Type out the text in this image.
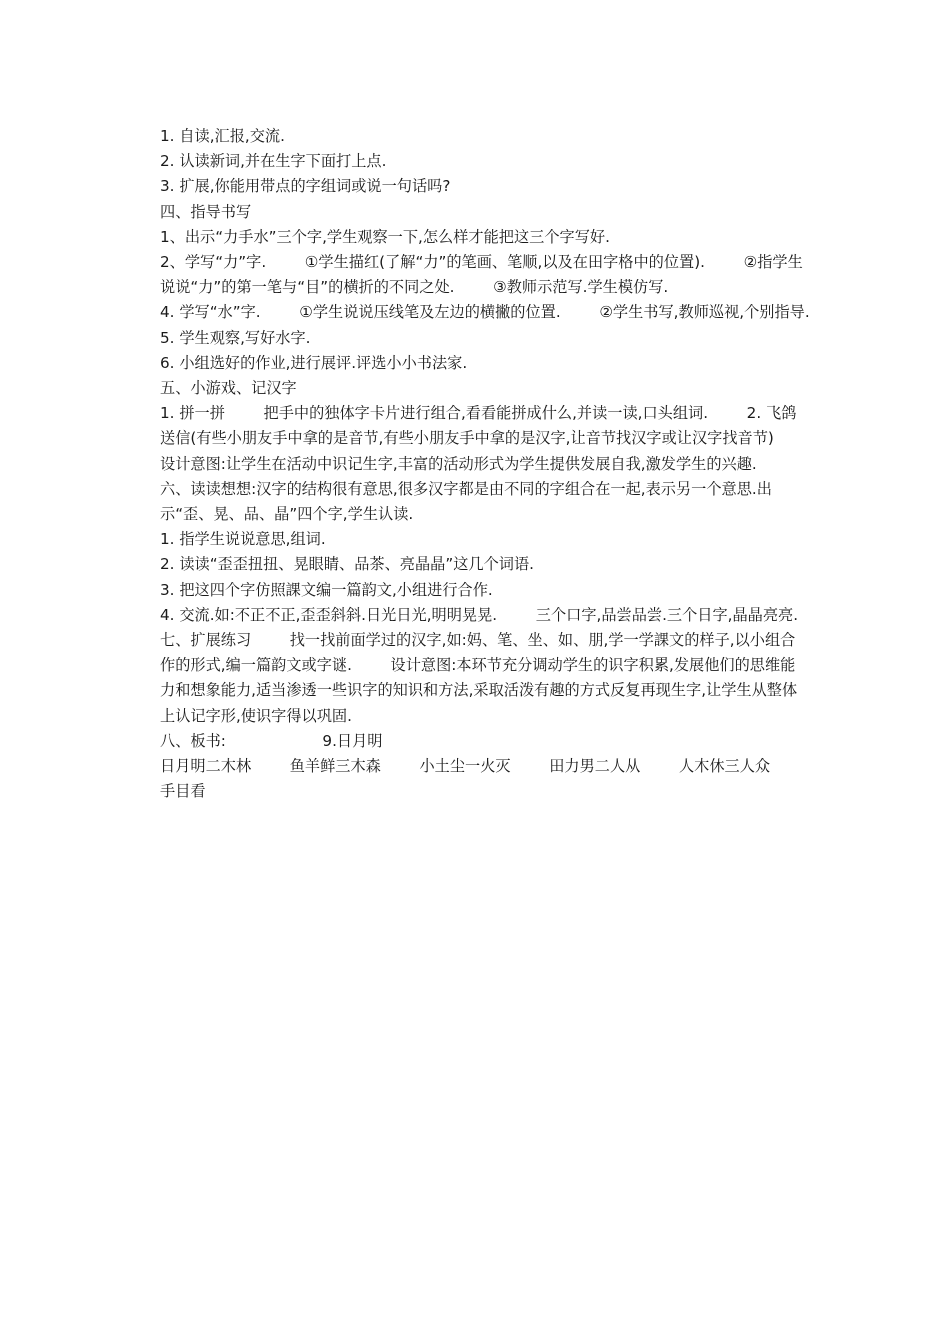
1. 自读,汇报,交流.

2. 认读新词,并在生字下面打上点.

3. 扩展,你能用带点的字组词或说一句话吗?

四、指导书写

1、出示“力手水”三个字,学生观察一下,怎么样才能把这三个字写好.

2、学写“力”字.        ①学生描红(了解“力”的笔画、笔顺,以及在田字格中的位置).        ②指学生说说“力”的第一笔与“目”的横折的不同之处.        ③教师示范写.学生模仿写.

4. 学写“水”字.        ①学生说说压线笔及左边的横撇的位置.        ②学生书写,教师巡视,个别指导.

5. 学生观察,写好水字.

6. 小组选好的作业,进行展评.评选小小书法家.

五、小游戏、记汉字

1. 拼一拼        把手中的独体字卡片进行组合,看看能拼成什么,并读一读,口头组词.        2. 飞鸽送信(有些小朋友手中拿的是音节,有些小朋友手中拿的是汉字,让音节找汉字或让汉字找音节)        设计意图:让学生在活动中识记生字,丰富的活动形式为学生提供发展自我,激发学生的兴趣.

六、读读想想:汉字的结构很有意思,很多汉字都是由不同的字组合在一起,表示另一个意思.出示“歪、晃、品、晶”四个字,学生认读.

1. 指学生说说意思,组词.

2. 读读“歪歪扭扭、晃眼睛、品茶、亮晶晶”这几个词语.

3. 把这四个字仿照課文编一篇韵文,小组进行合作.

4. 交流.如:不正不正,歪歪斜斜.日光日光,明明晃晃.        三个口字,品尝品尝.三个日字,晶晶亮亮.

七、扩展练习        找一找前面学过的汉字,如:妈、笔、坐、如、朋,学一学課文的样子,以小组合作的形式,编一篇韵文或字谜.        设计意图:本环节充分调动学生的识字积累,发展他们的思维能力和想象能力,适当渗透一些识字的知识和方法,采取活泼有趣的方式反复再现生字,让学生从整体上认记字形,使识字得以巩固.

八、板书:                    9.日月明

日月明二木林        鱼羊鲜三木森        小土尘一火灭        田力男二人从        人木休三人众        手目看
